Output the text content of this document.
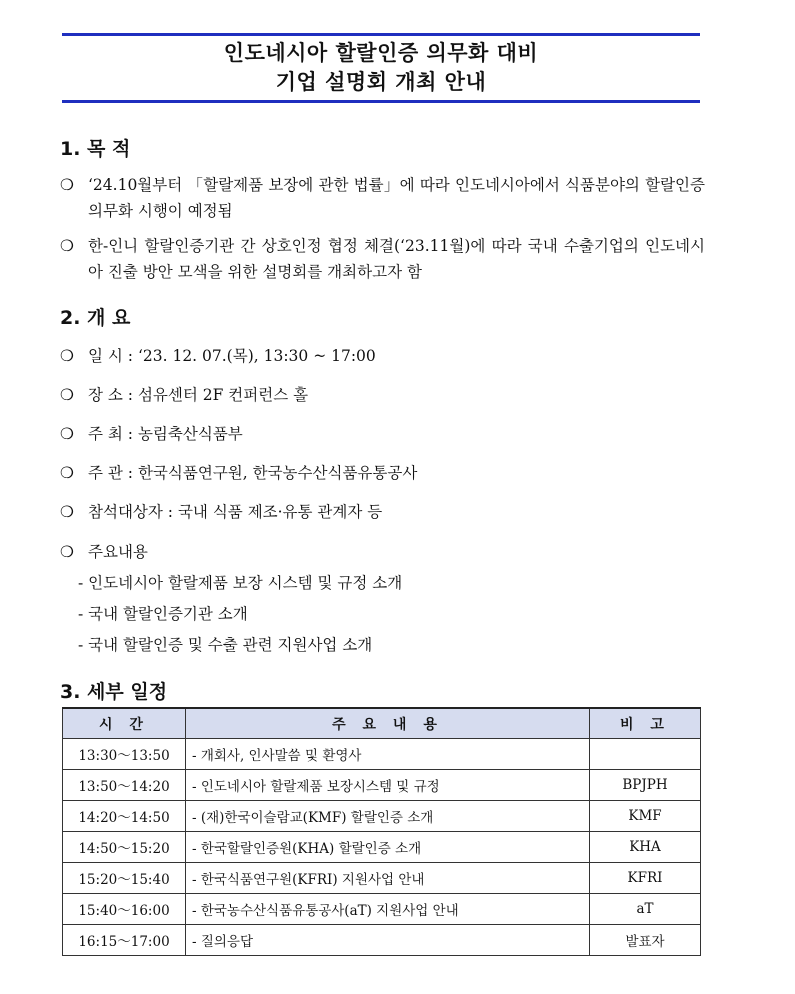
인도네시아 할랄인증 의무화 대비
기업 설명회 개최 안내
1. 목 적
❍ ‘24.10월부터 「할랄제품 보장에 관한 법률」에 따라 인도네시아에서 식품분야의 할랄인증 의무화 시행이 예정됨
❍ 한-인니 할랄인증기관 간 상호인정 협정 체결(‘23.11월)에 따라 국내 수출기업의 인도네시아 진출 방안 모색을 위한 설명회를 개최하고자 함
2. 개 요
❍ 일 시 : ‘23. 12. 07.(목), 13:30 ~ 17:00
❍ 장 소 : 섬유센터 2F 컨퍼런스 홀
❍ 주 최 : 농림축산식품부
❍ 주 관 : 한국식품연구원, 한국농수산식품유통공사
❍ 참석대상자 : 국내 식품 제조·유통 관계자 등
❍ 주요내용
- 인도네시아 할랄제품 보장 시스템 및 규정 소개
- 국내 할랄인증기관 소개
- 국내 할랄인증 및 수출 관련 지원사업 소개
3. 세부 일정
시 간	주 요 내 용	비 고
13:30～13:50	- 개회사, 인사말씀 및 환영사	
13:50～14:20	- 인도네시아 할랄제품 보장시스템 및 규정	BPJPH
14:20～14:50	- (재)한국이슬람교(KMF) 할랄인증 소개	KMF
14:50～15:20	- 한국할랄인증원(KHA) 할랄인증 소개	KHA
15:20～15:40	- 한국식품연구원(KFRI) 지원사업 안내	KFRI
15:40～16:00	- 한국농수산식품유통공사(aT) 지원사업 안내	aT
16:15～17:00	- 질의응답	발표자
